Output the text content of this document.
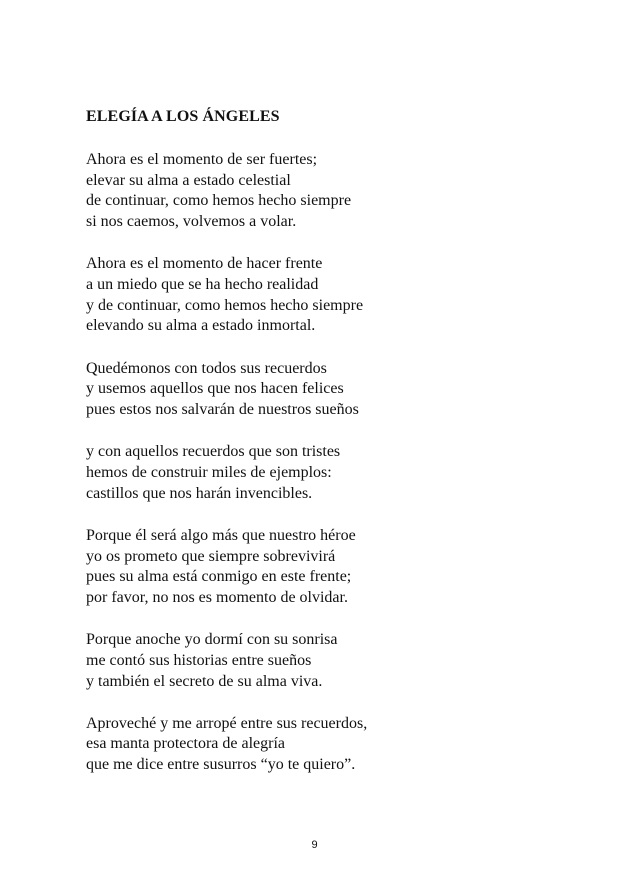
ELEGÍA A LOS ÁNGELES
Ahora es el momento de ser fuertes;
elevar su alma a estado celestial
de continuar, como hemos hecho siempre
si nos caemos, volvemos a volar.
Ahora es el momento de hacer frente
a un miedo que se ha hecho realidad
y de continuar, como hemos hecho siempre
elevando su alma a estado inmortal.
Quedémonos con todos sus recuerdos
y usemos aquellos que nos hacen felices
pues estos nos salvarán de nuestros sueños
y con aquellos recuerdos que son tristes
hemos de construir miles de ejemplos:
castillos que nos harán invencibles.
Porque él será algo más que nuestro héroe
yo os prometo que siempre sobrevivirá
pues su alma está conmigo en este frente;
por favor, no nos es momento de olvidar.
Porque anoche yo dormí con su sonrisa
me contó sus historias entre sueños
y también el secreto de su alma viva.
Aproveché y me arropé entre sus recuerdos,
esa manta protectora de alegría
que me dice entre susurros “yo te quiero”.
9
